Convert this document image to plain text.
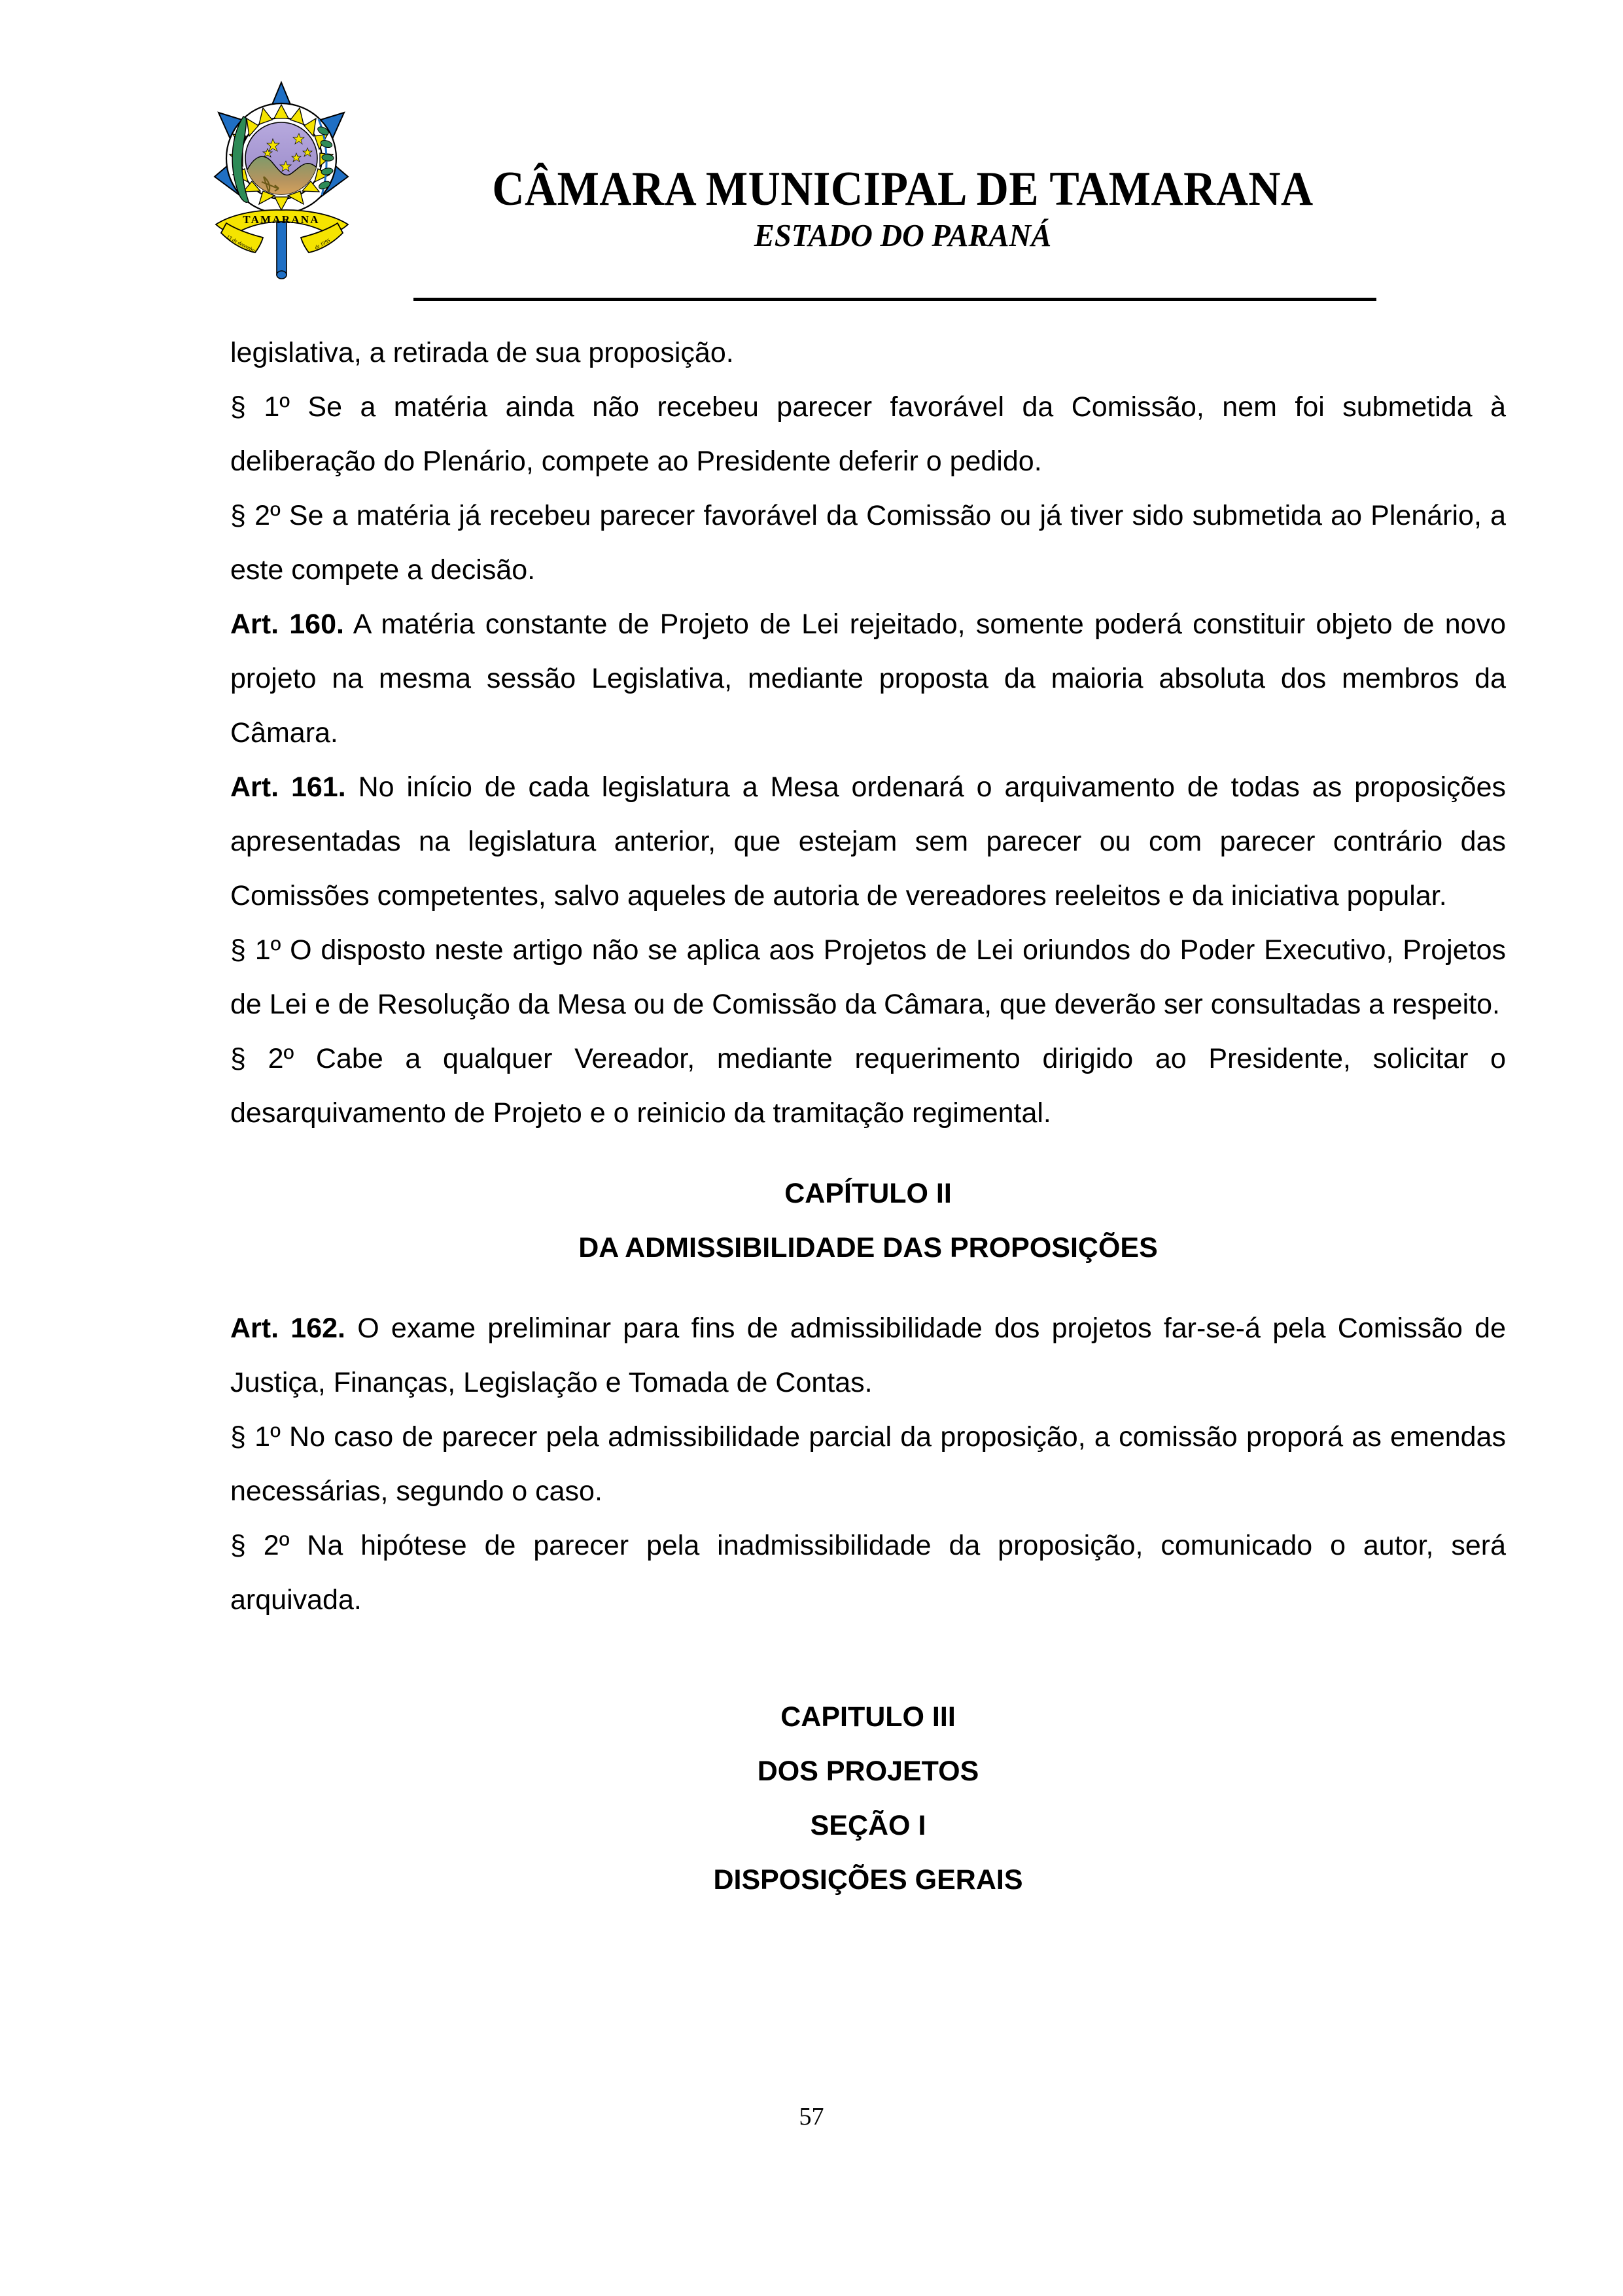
TAMARANA
13 de dezembro	de 1995
CÂMARA MUNICIPAL DE TAMARANA
ESTADO DO PARANÁ

legislativa, a retirada de sua proposição.

§ 1º Se a matéria ainda não recebeu parecer favorável da Comissão, nem foi submetida à deliberação do Plenário, compete ao Presidente deferir o pedido.

§ 2º Se a matéria já recebeu parecer favorável da Comissão ou já tiver sido submetida ao Plenário, a este compete a decisão.

Art. 160. A matéria constante de Projeto de Lei rejeitado, somente poderá constituir objeto de novo projeto na mesma sessão Legislativa, mediante proposta da maioria absoluta dos membros da Câmara.

Art. 161. No início de cada legislatura a Mesa ordenará o arquivamento de todas as proposições apresentadas na legislatura anterior, que estejam sem parecer ou com parecer contrário das Comissões competentes, salvo aqueles de autoria de vereadores reeleitos e da iniciativa popular.

§ 1º O disposto neste artigo não se aplica aos Projetos de Lei oriundos do Poder Executivo, Projetos de Lei e de Resolução da Mesa ou de Comissão da Câmara, que deverão ser consultadas a respeito.

§ 2º Cabe a qualquer Vereador, mediante requerimento dirigido ao Presidente, solicitar o desarquivamento de Projeto e o reinicio da tramitação regimental.

CAPÍTULO II

DA ADMISSIBILIDADE DAS PROPOSIÇÕES

Art. 162. O exame preliminar para fins de admissibilidade dos projetos far-se-á pela Comissão de Justiça, Finanças, Legislação e Tomada de Contas.

§ 1º No caso de parecer pela admissibilidade parcial da proposição, a comissão proporá as emendas necessárias, segundo o caso.

§ 2º Na hipótese de parecer pela inadmissibilidade da proposição, comunicado o autor, será arquivada.

CAPITULO III

DOS PROJETOS

SEÇÃO I

DISPOSIÇÕES GERAIS

57
